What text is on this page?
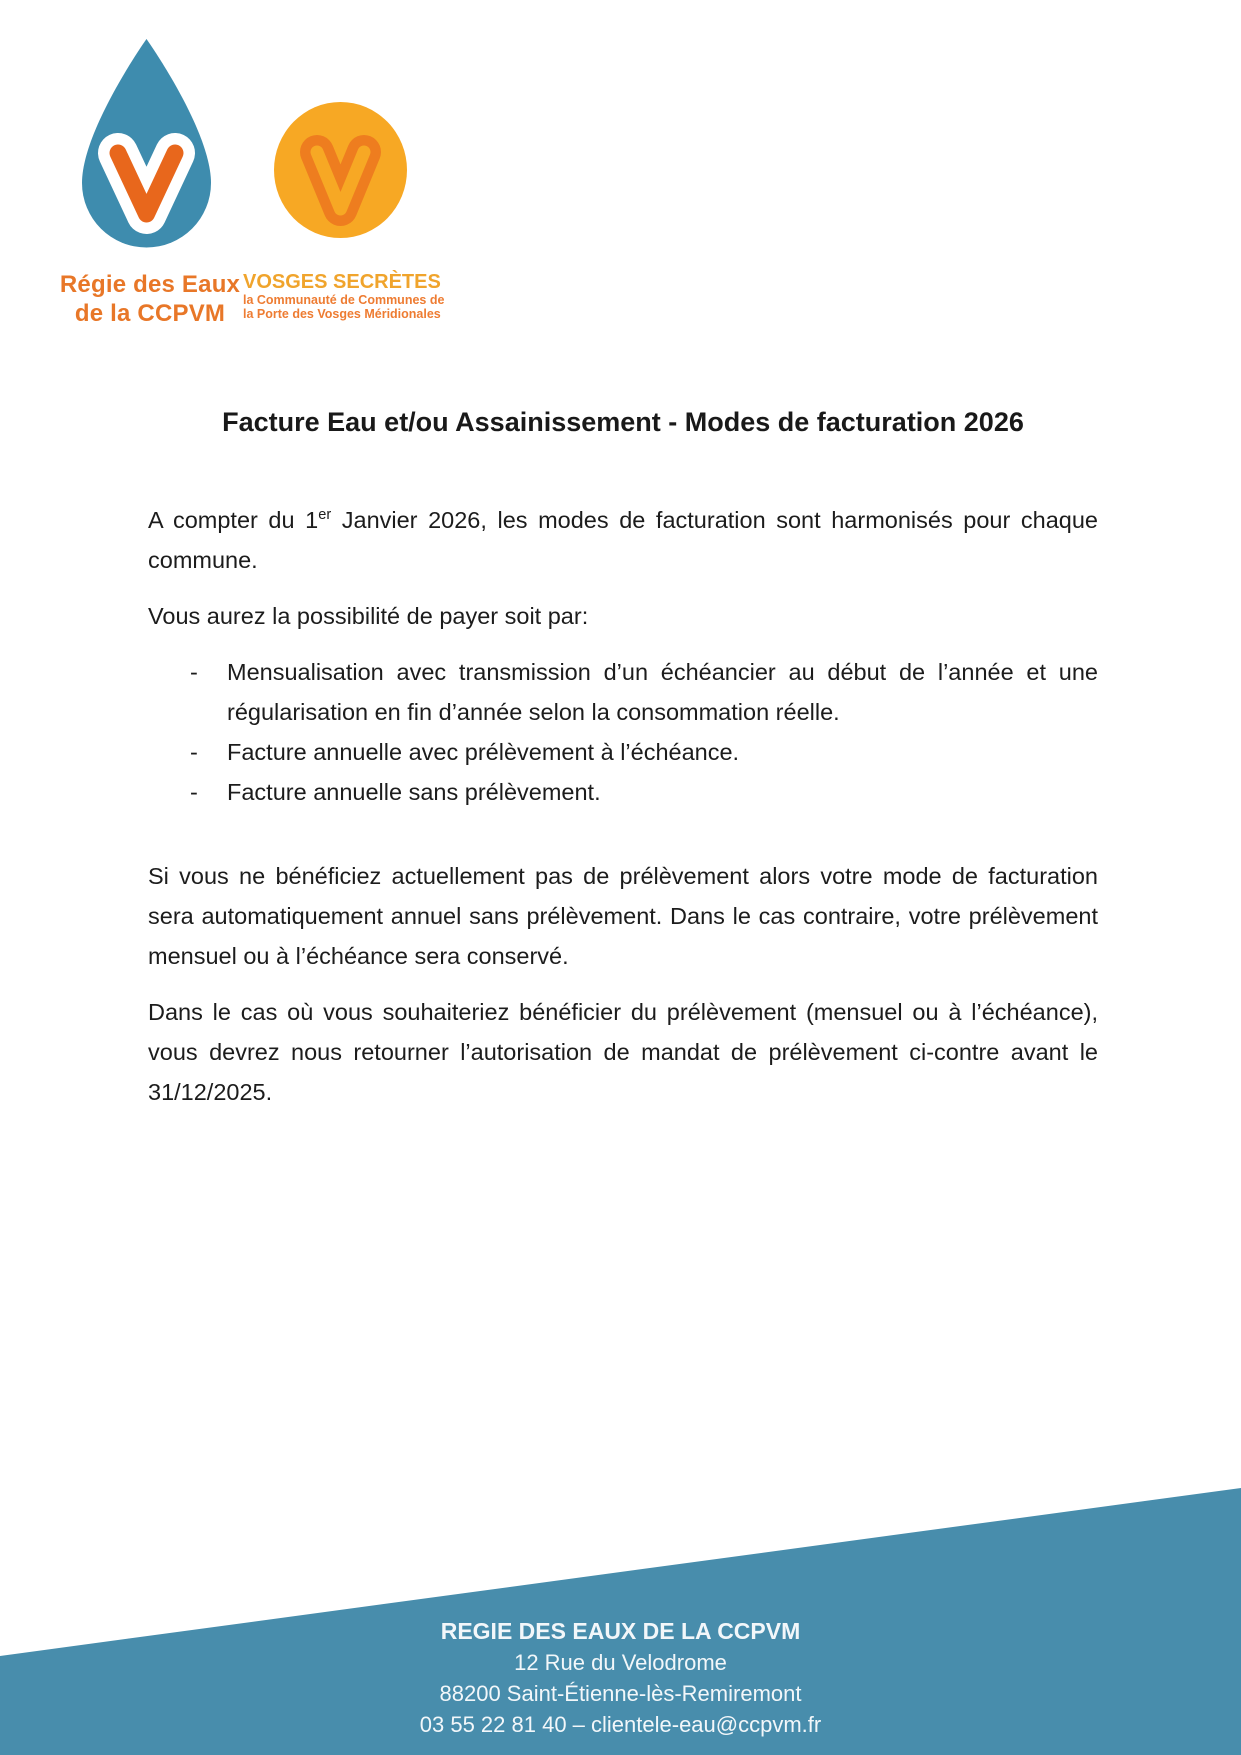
Régie des Eaux
de la CCPVM
VOSGES SECRÈTES
la Communauté de Communes de
la Porte des Vosges Méridionales
Facture Eau et/ou Assainissement - Modes de facturation 2026

A compter du 1er Janvier 2026, les modes de facturation sont harmonisés pour chaque commune.

Vous aurez la possibilité de payer soit par:

- Mensualisation avec transmission d’un échéancier au début de l’année et une régularisation en fin d’année selon la consommation réelle.
- Facture annuelle avec prélèvement à l’échéance.
- Facture annuelle sans prélèvement.

Si vous ne bénéficiez actuellement pas de prélèvement alors votre mode de facturation sera automatiquement annuel sans prélèvement. Dans le cas contraire, votre prélèvement mensuel ou à l’échéance sera conservé.

Dans le cas où vous souhaiteriez bénéficier du prélèvement (mensuel ou à l’échéance), vous devrez nous retourner l’autorisation de mandat de prélèvement ci-contre avant le 31/12/2025.

REGIE DES EAUX DE LA CCPVM
12 Rue du Velodrome
88200 Saint-Étienne-lès-Remiremont
03 55 22 81 40 – clientele-eau@ccpvm.fr
